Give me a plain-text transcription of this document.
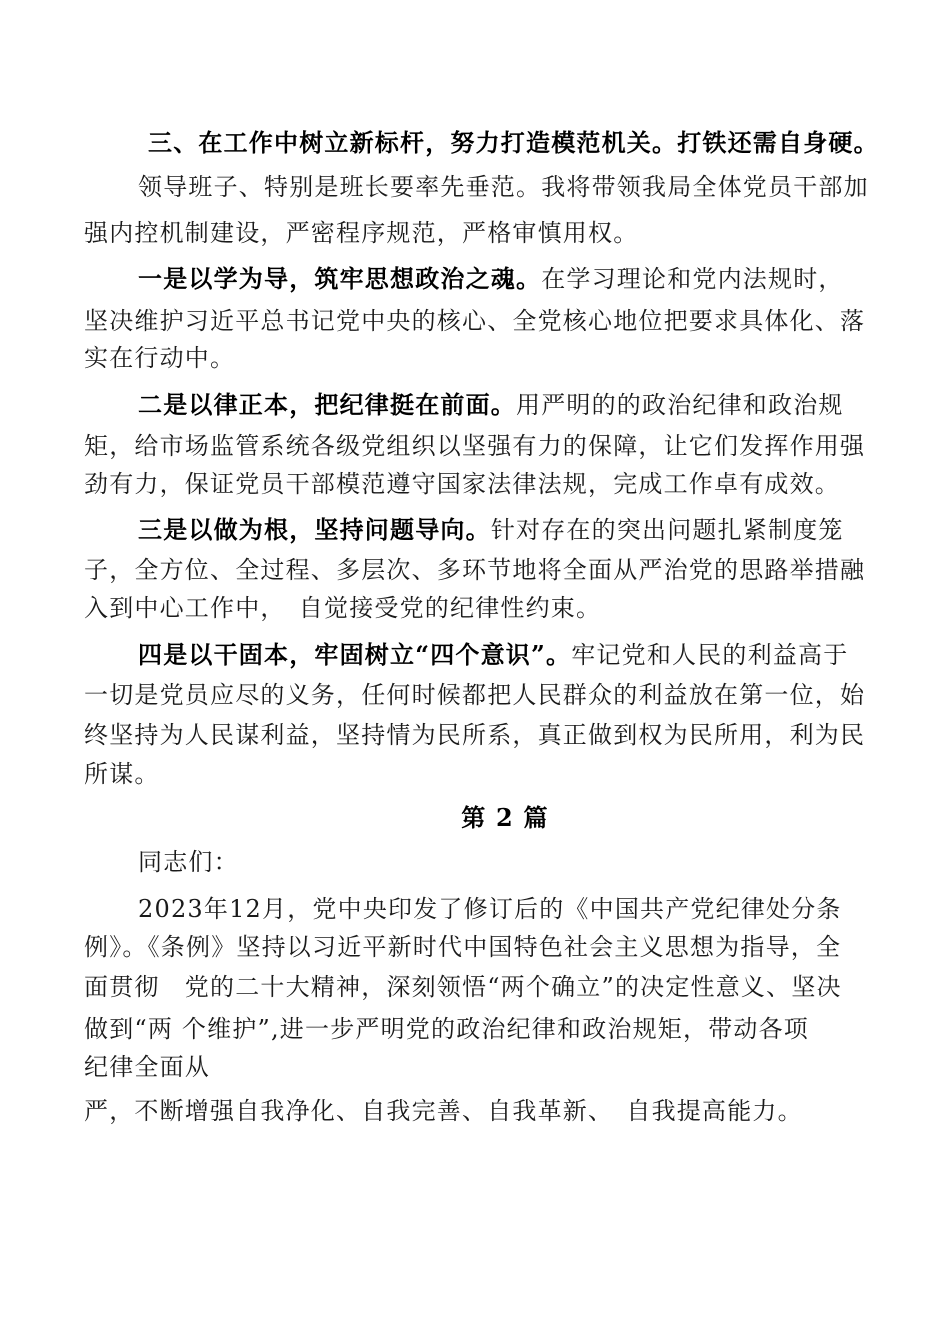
三、在工作中树立新标杆，努力打造模范机关。打铁还需自身硬。
领导班子、特别是班长要率先垂范。我将带领我局全体党员干部加
强内控机制建设，严密程序规范，严格审慎用权。
一是以学为导，筑牢思想政治之魂。在学习理论和党内法规时，
坚决维护习近平总书记党中央的核心、全党核心地位把要求具体化、落
实在行动中。
二是以律正本，把纪律挺在前面。用严明的的政治纪律和政治规
矩，给市场监管系统各级党组织以坚强有力的保障，让它们发挥作用强
劲有力，保证党员干部模范遵守国家法律法规，完成工作卓有成效。
三是以做为根，坚持问题导向。针对存在的突出问题扎紧制度笼
子，全方位、全过程、多层次、多环节地将全面从严治党的思路举措融
入到中心工作中，　自觉接受党的纪律性约束。
四是以干固本，牢固树立“四个意识”。牢记党和人民的利益高于
一切是党员应尽的义务，任何时候都把人民群众的利益放在第一位，始
终坚持为人民谋利益，坚持情为民所系，真正做到权为民所用，利为民
所谋。
第 2 篇
同志们：
2023年12月，党中央印发了修订后的《中国共产党纪律处分条
例》。《条例》坚持以习近平新时代中国特色社会主义思想为指导，全
面贯彻　党的二十大精神，深刻领悟“两个确立”的决定性意义、坚决
做到“两 个维护”,进一步严明党的政治纪律和政治规矩，带动各项
纪律全面从
严，不断增强自我净化、自我完善、自我革新、　自我提高能力。
